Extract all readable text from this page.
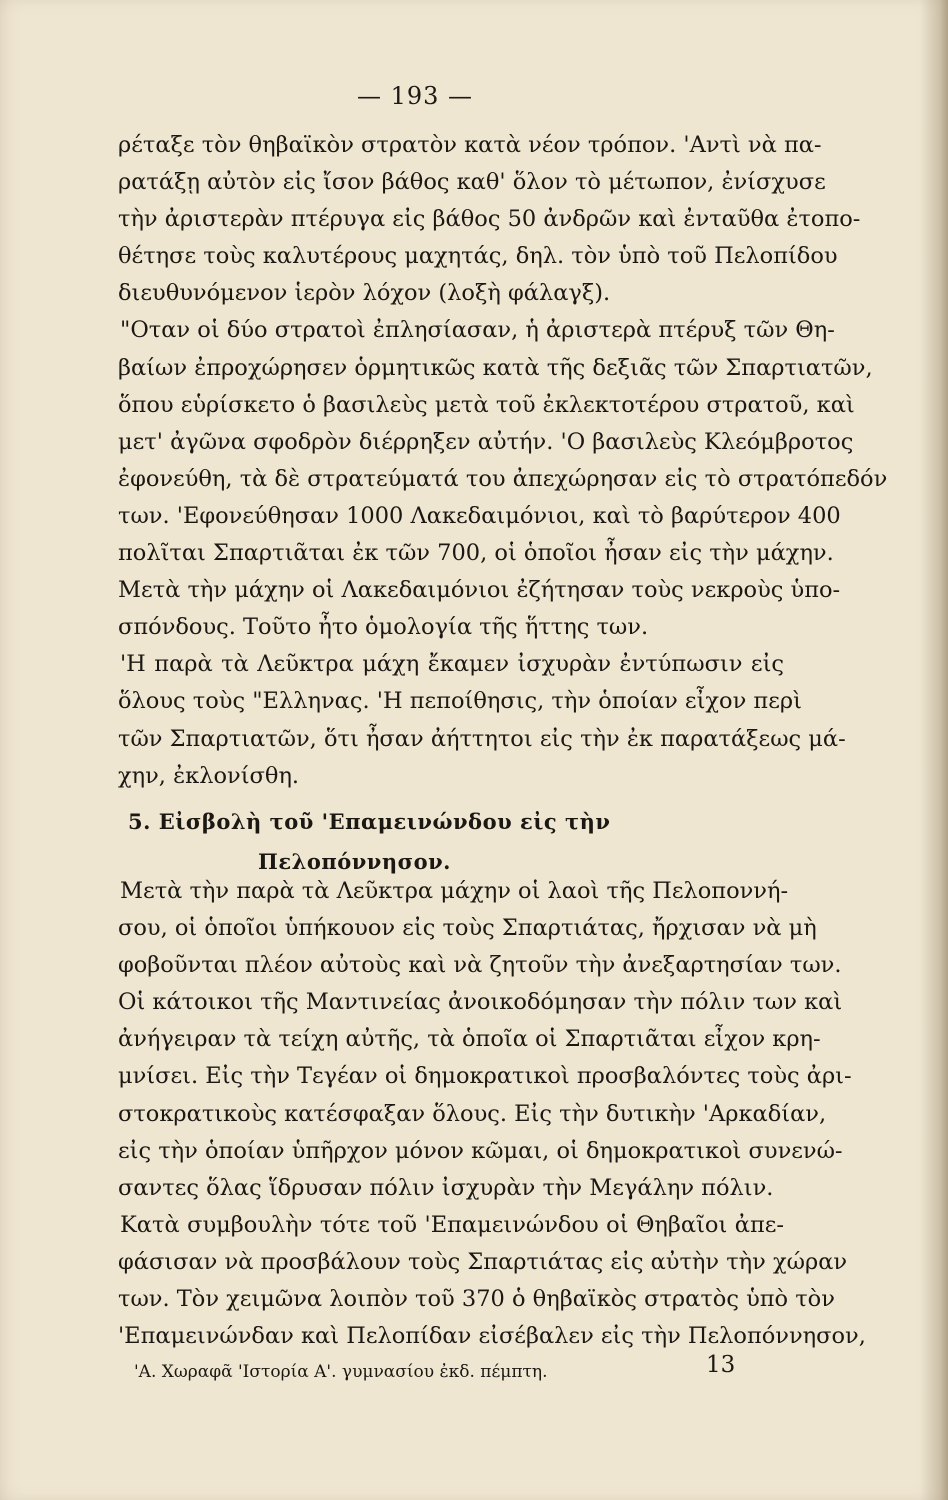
— 193 —
ρέταξε τὸν θηβαϊκὸν στρατὸν κατὰ νέον τρόπον. 'Αντὶ νὰ πα-
ρατάξῃ αὐτὸν εἰς ἴσον βάθος καθ' ὅλον τὸ μέτωπον, ἐνίσχυσε
τὴν ἀριστερὰν πτέρυγα εἰς βάθος 50 ἀνδρῶν καὶ ἐνταῦθα ἐτοπο-
θέτησε τοὺς καλυτέρους μαχητάς, δηλ. τὸν ὑπὸ τοῦ Πελοπίδου
διευθυνόμενον ἱερὸν λόχον (λοξὴ φάλαγξ).
"Οταν οἱ δύο στρατοὶ ἐπλησίασαν, ἡ ἀριστερὰ πτέρυξ τῶν Θη-
βαίων ἐπροχώρησεν ὁρμητικῶς κατὰ τῆς δεξιᾶς τῶν Σπαρτιατῶν,
ὅπου εὑρίσκετο ὁ βασιλεὺς μετὰ τοῦ ἐκλεκτοτέρου στρατοῦ, καὶ
μετ' ἀγῶνα σφοδρὸν διέρρηξεν αὐτήν. 'Ο βασιλεὺς Κλεόμβροτος
ἐφονεύθη, τὰ δὲ στρατεύματά του ἀπεχώρησαν εἰς τὸ στρατόπεδόν
των. 'Εφονεύθησαν 1000 Λακεδαιμόνιοι, καὶ τὸ βαρύτερον 400
πολῖται Σπαρτιᾶται ἐκ τῶν 700, οἱ ὁποῖοι ἦσαν εἰς τὴν μάχην.
Μετὰ τὴν μάχην οἱ Λακεδαιμόνιοι ἐζήτησαν τοὺς νεκροὺς ὑπο-
σπόνδους. Τοῦτο ἦτο ὁμολογία τῆς ἥττης των.
'Η παρὰ τὰ Λεῦκτρα μάχη ἔκαμεν ἰσχυρὰν ἐντύπωσιν εἰς
ὅλους τοὺς "Ελληνας. 'Η πεποίθησις, τὴν ὁποίαν εἶχον περὶ
τῶν Σπαρτιατῶν, ὅτι ἦσαν ἀήττητοι εἰς τὴν ἐκ παρατάξεως μά-
χην, ἐκλονίσθη.
5. Εἰσβολὴ τοῦ 'Επαμεινώνδου εἰς τὴν
Πελοπόννησον.
Μετὰ τὴν παρὰ τὰ Λεῦκτρα μάχην οἱ λαοὶ τῆς Πελοποννή-
σου, οἱ ὁποῖοι ὑπήκουον εἰς τοὺς Σπαρτιάτας, ἤρχισαν νὰ μὴ
φοβοῦνται πλέον αὐτοὺς καὶ νὰ ζητοῦν τὴν ἀνεξαρτησίαν των.
Οἱ κάτοικοι τῆς Μαντινείας ἀνοικοδόμησαν τὴν πόλιν των καὶ
ἀνήγειραν τὰ τείχη αὐτῆς, τὰ ὁποῖα οἱ Σπαρτιᾶται εἶχον κρη-
μνίσει. Εἰς τὴν Τεγέαν οἱ δημοκρατικοὶ προσβαλόντες τοὺς ἀρι-
στοκρατικοὺς κατέσφαξαν ὅλους. Εἰς τὴν δυτικὴν 'Αρκαδίαν,
εἰς τὴν ὁποίαν ὑπῆρχον μόνον κῶμαι, οἱ δημοκρατικοὶ συνενώ-
σαντες ὅλας ἵδρυσαν πόλιν ἰσχυρὰν τὴν Μεγάλην πόλιν.
Κατὰ συμβουλὴν τότε τοῦ 'Επαμεινώνδου οἱ Θηβαῖοι ἀπε-
φάσισαν νὰ προσβάλουν τοὺς Σπαρτιάτας εἰς αὐτὴν τὴν χώραν
των. Τὸν χειμῶνα λοιπὸν τοῦ 370 ὁ θηβαϊκὸς στρατὸς ὑπὸ τὸν
'Επαμεινώνδαν καὶ Πελοπίδαν εἰσέβαλεν εἰς τὴν Πελοπόννησον,
'Α. Χωραφᾶ 'Ιστορία Α'. γυμνασίου ἐκδ. πέμπτη.	13
